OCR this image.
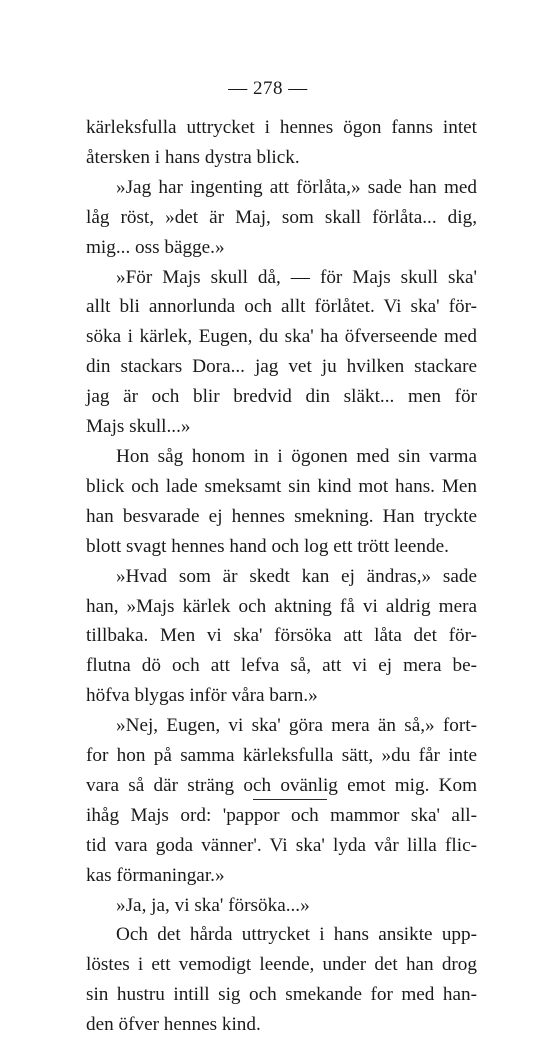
— 278 —
kärleksfulla uttrycket i hennes ögon fanns intet
återsken i hans dystra blick.
»Jag har ingenting att förlåta,» sade han med
låg röst, »det är Maj, som skall förlåta... dig,
mig... oss bägge.»
»För Majs skull då, — för Majs skull ska'
allt bli annorlunda och allt förlåtet. Vi ska' för-
söka i kärlek, Eugen, du ska' ha öfverseende med
din stackars Dora... jag vet ju hvilken stackare
jag är och blir bredvid din släkt... men för
Majs skull...»
Hon såg honom in i ögonen med sin varma
blick och lade smeksamt sin kind mot hans. Men
han besvarade ej hennes smekning. Han tryckte
blott svagt hennes hand och log ett trött leende.
»Hvad som är skedt kan ej ändras,» sade
han, »Majs kärlek och aktning få vi aldrig mera
tillbaka. Men vi ska' försöka att låta det för-
flutna dö och att lefva så, att vi ej mera be-
höfva blygas inför våra barn.»
»Nej, Eugen, vi ska' göra mera än så,» fort-
for hon på samma kärleksfulla sätt, »du får inte
vara så där sträng och ovänlig emot mig. Kom
ihåg Majs ord: 'pappor och mammor ska' all-
tid vara goda vänner'. Vi ska' lyda vår lilla flic-
kas förmaningar.»
»Ja, ja, vi ska' försöka...»
Och det hårda uttrycket i hans ansikte upp-
löstes i ett vemodigt leende, under det han drog
sin hustru intill sig och smekande for med han-
den öfver hennes kind.
